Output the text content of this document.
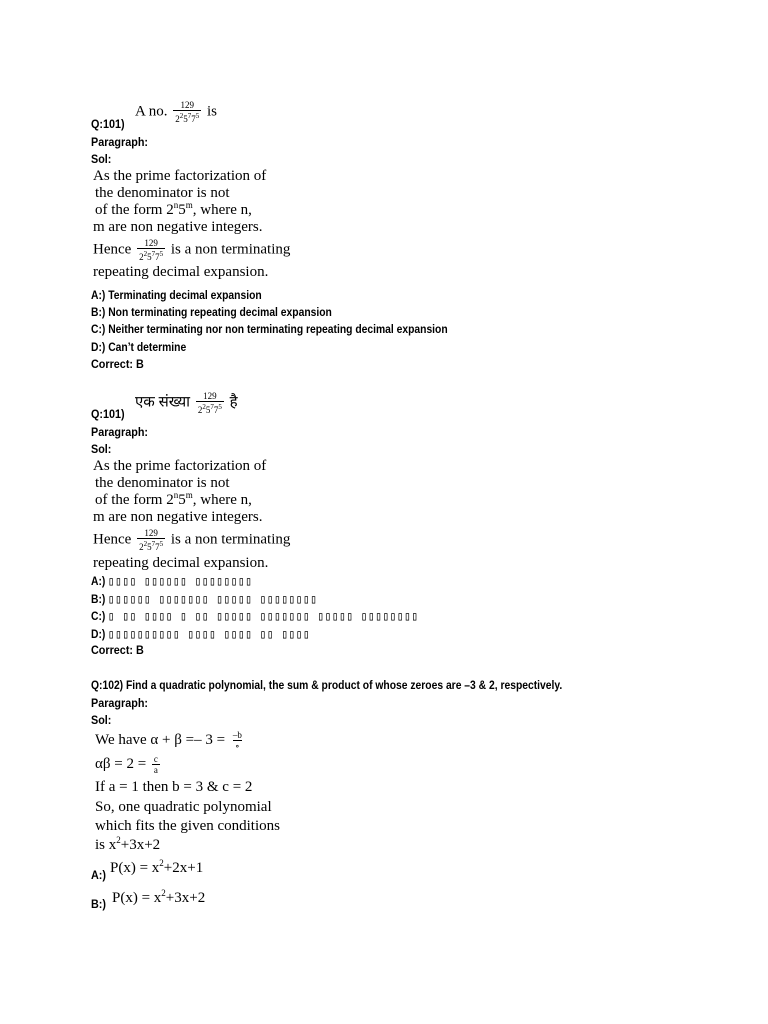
A no. $\frac{129}{2^25^77^5}$ is
Q:101)
Paragraph:
Sol:
As the prime factorization of
the denominator is not
of the form 2$^n$5$^m$, where n,
m are non negative integers.
Hence $\frac{129}{2^25^77^5}$ is a non terminating
repeating decimal expansion.
A:) Terminating decimal expansion
B:) Non terminating repeating decimal expansion
C:) Neither terminating nor non terminating repeating decimal expansion
D:) Can’t determine
Correct: B
एक संख्या $\frac{129}{2^25^77^5}$ है
Q:101)
Paragraph:
Sol:
As the prime factorization of
the denominator is not
of the form 2$^n$5$^m$, where n,
m are non negative integers.
Hence $\frac{129}{2^25^77^5}$ is a non terminating
repeating decimal expansion.
A:) ▯▯▯▯ ▯▯▯▯▯▯ ▯▯▯▯▯▯▯▯
B:) ▯▯▯▯▯▯ ▯▯▯▯▯▯▯ ▯▯▯▯▯ ▯▯▯▯▯▯▯▯
C:) ▯ ▯▯ ▯▯▯▯ ▯ ▯▯ ▯▯▯▯▯ ▯▯▯▯▯▯▯ ▯▯▯▯▯ ▯▯▯▯▯▯▯▯
D:) ▯▯▯▯▯▯▯▯▯▯ ▯▯▯▯ ▯▯▯▯ ▯▯ ▯▯▯▯
Correct: B
Q:102) Find a quadratic polynomial, the sum & product of whose zeroes are –3 & 2, respectively.
Paragraph:
Sol:
We have $\alpha + \beta =- 3 = \frac{-b}{\circ}$
$\alpha\beta = 2 = \frac{c}{a}$
If a = 1 then b = 3 & c = 2
So, one quadratic polynomial
which fits the given conditions
is $x^2+3x+2$
A:) $P(x) = x^2+2x+1$
B:) $P(x) = x^2+3x+2$
